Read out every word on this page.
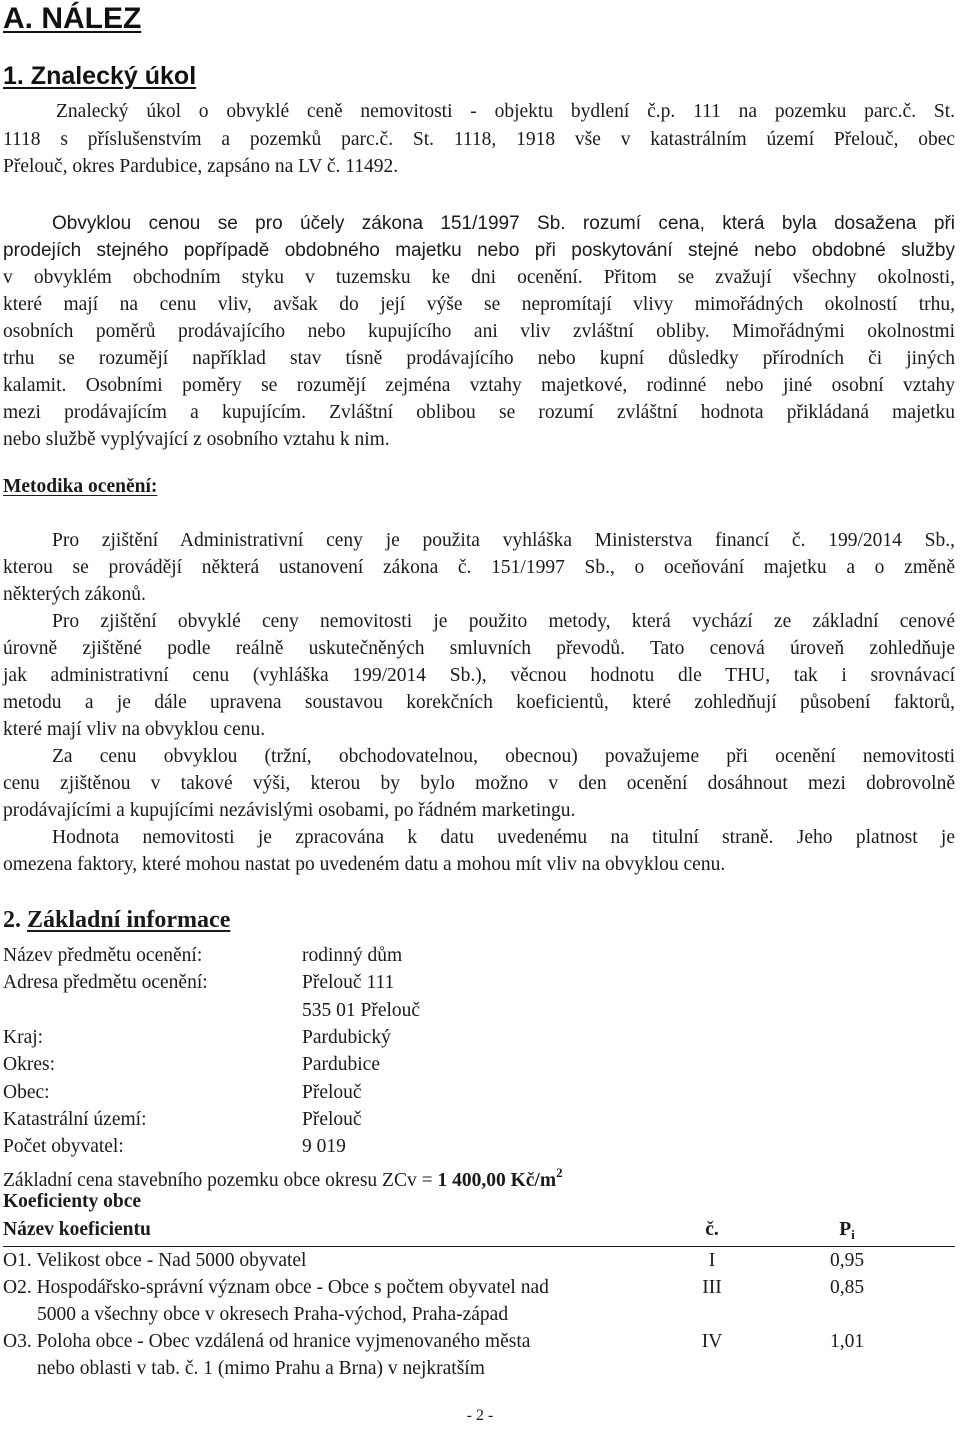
A. NÁLEZ
1. Znalecký úkol
Znalecký úkol o obvyklé ceně nemovitosti - objektu bydlení č.p. 111 na pozemku parc.č. St.
1118 s příslušenstvím a pozemků parc.č. St. 1118, 1918 vše v katastrálním území Přelouč, obec
Přelouč, okres Pardubice, zapsáno na LV č. 11492.
Obvyklou cenou se pro účely zákona 151/1997 Sb. rozumí cena, která byla dosažena při
prodejích stejného popřípadě obdobného majetku nebo při poskytování stejné nebo obdobné služby
v obvyklém obchodním styku v tuzemsku ke dni ocenění. Přitom se zvažují všechny okolnosti,
které mají na cenu vliv, avšak do její výše se nepromítají vlivy mimořádných okolností trhu,
osobních poměrů prodávajícího nebo kupujícího ani vliv zvláštní obliby. Mimořádnými okolnostmi
trhu se rozumějí například stav tísně prodávajícího nebo kupní důsledky přírodních či jiných
kalamit. Osobními poměry se rozumějí zejména vztahy majetkové, rodinné nebo jiné osobní vztahy
mezi prodávajícím a kupujícím. Zvláštní oblibou se rozumí zvláštní hodnota přikládaná majetku
nebo službě vyplývající z osobního vztahu k nim.
Metodika ocenění:
Pro zjištění Administrativní ceny je použita vyhláška Ministerstva financí č. 199/2014 Sb.,
kterou se provádějí některá ustanovení zákona č. 151/1997 Sb., o oceňování majetku a o změně
některých zákonů.
Pro zjištění obvyklé ceny nemovitosti je použito metody, která vychází ze základní cenové
úrovně zjištěné podle reálně uskutečněných smluvních převodů. Tato cenová úroveň zohledňuje
jak administrativní cenu (vyhláška 199/2014 Sb.), věcnou hodnotu dle THU, tak i srovnávací
metodu a je dále upravena soustavou korekčních koeficientů, které zohledňují působení faktorů,
které mají vliv na obvyklou cenu.
Za cenu obvyklou (tržní, obchodovatelnou, obecnou) považujeme při ocenění nemovitosti
cenu zjištěnou v takové výši, kterou by bylo možno v den ocenění dosáhnout mezi dobrovolně
prodávajícími a kupujícími nezávislými osobami, po řádném marketingu.
Hodnota nemovitosti je zpracována k datu uvedenému na titulní straně. Jeho platnost je
omezena faktory, které mohou nastat po uvedeném datu a mohou mít vliv na obvyklou cenu.
2. Základní informace
Název předmětu ocenění:	rodinný dům
Adresa předmětu ocenění:	Přelouč 111
535 01 Přelouč
Kraj:	Pardubický
Okres:	Pardubice
Obec:	Přelouč
Katastrální území:	Přelouč
Počet obyvatel:	9 019
Základní cena stavebního pozemku obce okresu ZCv = 1 400,00 $Kč/m^2$
Koeficienty obce
Název koeficientu	č.	$P_i$
O1. Velikost obce - Nad 5000 obyvatel	I	0,95
O2. Hospodářsko-správní význam obce - Obce s počtem obyvatel nad
5000 a všechny obce v okresech Praha-východ, Praha-západ
III	0,85
O3. Poloha obce - Obec vzdálená od hranice vyjmenovaného města
nebo oblasti v tab. č. 1 (mimo Prahu a Brna) v nejkratším
IV	1,01
- 2 -
